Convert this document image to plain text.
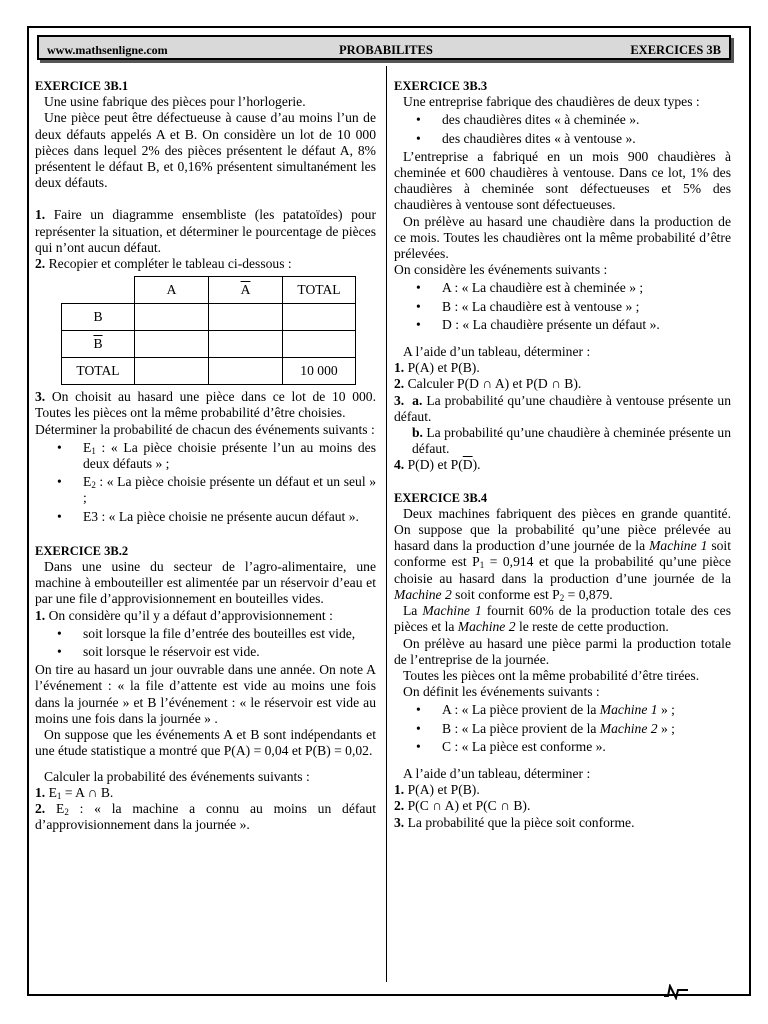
www.mathsenligne.com	PROBABILITES	EXERCICES 3B

EXERCICE 3B.1

Une usine fabrique des pièces pour l’horlogerie.

Une pièce peut être défectueuse à cause d’au moins l’un de deux défauts appelés A et B. On considère un lot de 10 000 pièces dans lequel 2% des pièces présentent le défaut A, 8% présentent le défaut B, et 0,16% présentent simultanément les deux défauts.

1. Faire un diagramme ensembliste (les patatoïdes) pour représenter la situation, et déterminer le pourcentage de pièces qui n’ont aucun défaut.

2. Recopier et compléter le tableau ci-dessous :

	A	$\overline{A}$	TOTAL
B			
$\overline{B}$			
TOTAL			10 000

3. On choisit au hasard une pièce dans ce lot de 10 000. Toutes les pièces ont la même probabilité d’être choisies.

Déterminer la probabilité de chacun des événements suivants :

• $E_1$ : « La pièce choisie présente l’un au moins des deux défauts » ;
• $E_2$ : « La pièce choisie présente un défaut et un seul » ;
• E3 : « La pièce choisie ne présente aucun défaut ».

EXERCICE 3B.2

Dans une usine du secteur de l’agro-alimentaire, une machine à embouteiller est alimentée par un réservoir d’eau et par une file d’approvisionnement en bouteilles vides.

1. On considère qu’il y a défaut d’approvisionnement :

• soit lorsque la file d’entrée des bouteilles est vide,
• soit lorsque le réservoir est vide.

On tire au hasard un jour ouvrable dans une année. On note A l’événement : « la file d’attente est vide au moins une fois dans la journée » et B l’événement : « le réservoir est vide au moins une fois dans la journée » .

On suppose que les événements A et B sont indépendants et une étude statistique a montré que P(A) = 0,04 et P(B) = 0,02.

Calculer la probabilité des événements suivants :

1. $E_1 = A$ ∩ B.

2. $E_2$ : « la machine a connu au moins un défaut d’approvisionnement dans la journée ».

EXERCICE 3B.3

Une entreprise fabrique des chaudières de deux types :

• des chaudières dites « à cheminée ».
• des chaudières dites « à ventouse ».

L’entreprise a fabriqué en un mois 900 chaudières à cheminée et 600 chaudières à ventouse. Dans ce lot, 1% des chaudières à cheminée sont défectueuses et 5% des chaudières à ventouse sont défectueuses.

On prélève au hasard une chaudière dans la production de ce mois. Toutes les chaudières ont la même probabilité d’être prélevées.

On considère les événements suivants :

• A : « La chaudière est à cheminée » ;
• B : « La chaudière est à ventouse » ;
• D : « La chaudière présente un défaut ».

A l’aide d’un tableau, déterminer :

1. P(A) et P(B).

2. Calculer P(D ∩ A) et P(D ∩ B).

3. a. La probabilité qu’une chaudière à ventouse présente un défaut.

b. La probabilité qu’une chaudière à cheminée présente un défaut.

4. P(D) et $P(\overline{D})$.

EXERCICE 3B.4

Deux machines fabriquent des pièces en grande quantité. On suppose que la probabilité qu’une pièce prélevée au hasard dans la production d’une journée de la Machine 1 soit conforme est $P_1 = 0,914$ et que la probabilité qu’une pièce choisie au hasard dans la production d’une journée de la Machine 2 soit conforme est $P_2 = 0,879$.

La Machine 1 fournit 60% de la production totale des ces pièces et la Machine 2 le reste de cette production.

On prélève au hasard une pièce parmi la production totale de l’entreprise de la journée.

Toutes les pièces ont la même probabilité d’être tirées.

On définit les événements suivants :

• A : « La pièce provient de la Machine 1 » ;
• B : « La pièce provient de la Machine 2 » ;
• C : « La pièce est conforme ».

A l’aide d’un tableau, déterminer :

1. P(A) et P(B).

2. P(C ∩ A) et P(C ∩ B).

3. La probabilité que la pièce soit conforme.
